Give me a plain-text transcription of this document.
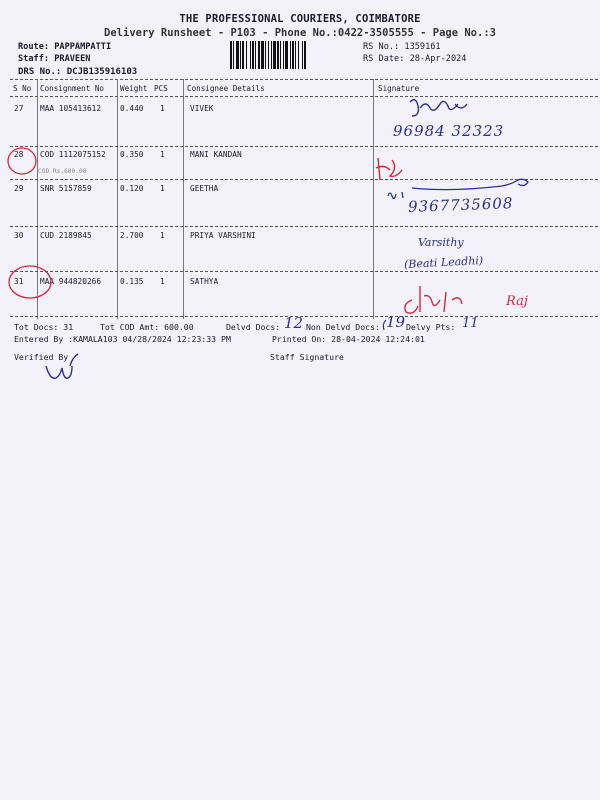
THE PROFESSIONAL COURIERS, COIMBATORE
Delivery Runsheet - P103 - Phone No.:0422-3505555 - Page No.:3
Route: PAPPAMPATTI
Staff: PRAVEEN
DRS No.: DCJB135916103
RS No.: 1359161
RS Date: 28-Apr-2024
S No Consignment No Weight PCS	Consignee Details	Signature
27 MAA 105413612 0.440 1	VIVEK
28 COD 1112075152 0.350 1	MANI KANDAN
COD Rs.600.00
29 SNR 5157859	0.120 1	GEETHA
30 CUD 2189845	2.700 1	PRIYA VARSHINI
31 MAA 944820266 0.135 1	SATHYA
Tot Docs: 31	Tot COD Amt: 600.00	Delvd Docs: 12 Non Delvd Docs: 19 Delvy Pts: 11
Entered By :KAMALA103 04/28/2024 12:23:33 PM	Printed On: 28-04-2024 12:24:01
Verified By	Staff Signature
96984 32323
9367735608
Varsithy
(Beati Leadhi)
Raj
